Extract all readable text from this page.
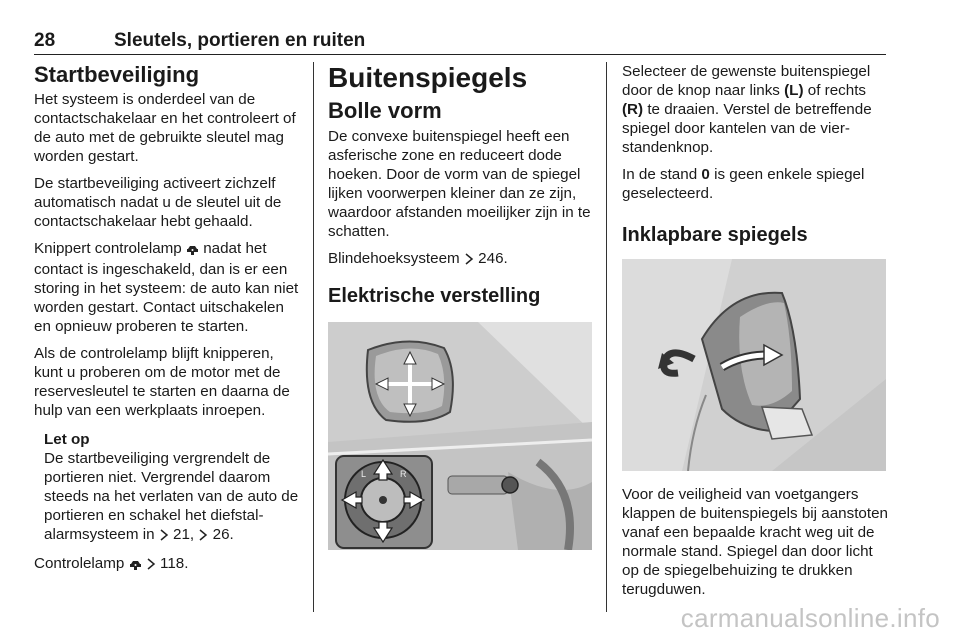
28	Sleutels, portieren en ruiten
Startbeveiliging

Het systeem is onderdeel van de contactschakelaar en het controleert of de auto met de gebruikte sleutel mag worden gestart.

De startbeveiliging activeert zichzelf automatisch nadat u de sleutel uit de contactschakelaar hebt gehaald.

Knippert controlelamp nadat het contact is ingeschakeld, dan is er een storing in het systeem: de auto kan niet worden gestart. Contact uitschakelen en opnieuw proberen te starten.

Als de controlelamp blijft knipperen, kunt u proberen om de motor met de reservesleutel te starten en daarna de hulp van een werkplaats inroepen.

Let op
De startbeveiliging vergrendelt de portieren niet. Vergrendel daarom steeds na het verlaten van de auto de portieren en schakel het diefstalalarmsysteem in 21, 26.

Controlelamp 118.

Buitenspiegels
Bolle vorm

De convexe buitenspiegel heeft een asferische zone en reduceert dode hoeken. Door de vorm van de spiegel lijken voorwerpen kleiner dan ze zijn, waardoor afstanden moeilijker zijn in te schatten.

Blindehoeksysteem 246.

Elektrische verstelling
L	R

Selecteer de gewenste buitenspiegel door de knop naar links (L) of rechts (R) te draaien. Verstel de betreffende spiegel door kantelen van de vierstandenknop.

In de stand 0 is geen enkele spiegel geselecteerd.

Inklapbare spiegels

Voor de veiligheid van voetgangers klappen de buitenspiegels bij aanstoten vanaf een bepaalde kracht weg uit de normale stand. Spiegel dan door licht op de spiegelbehuizing te drukken terugduwen.

carmanualsonline.info
